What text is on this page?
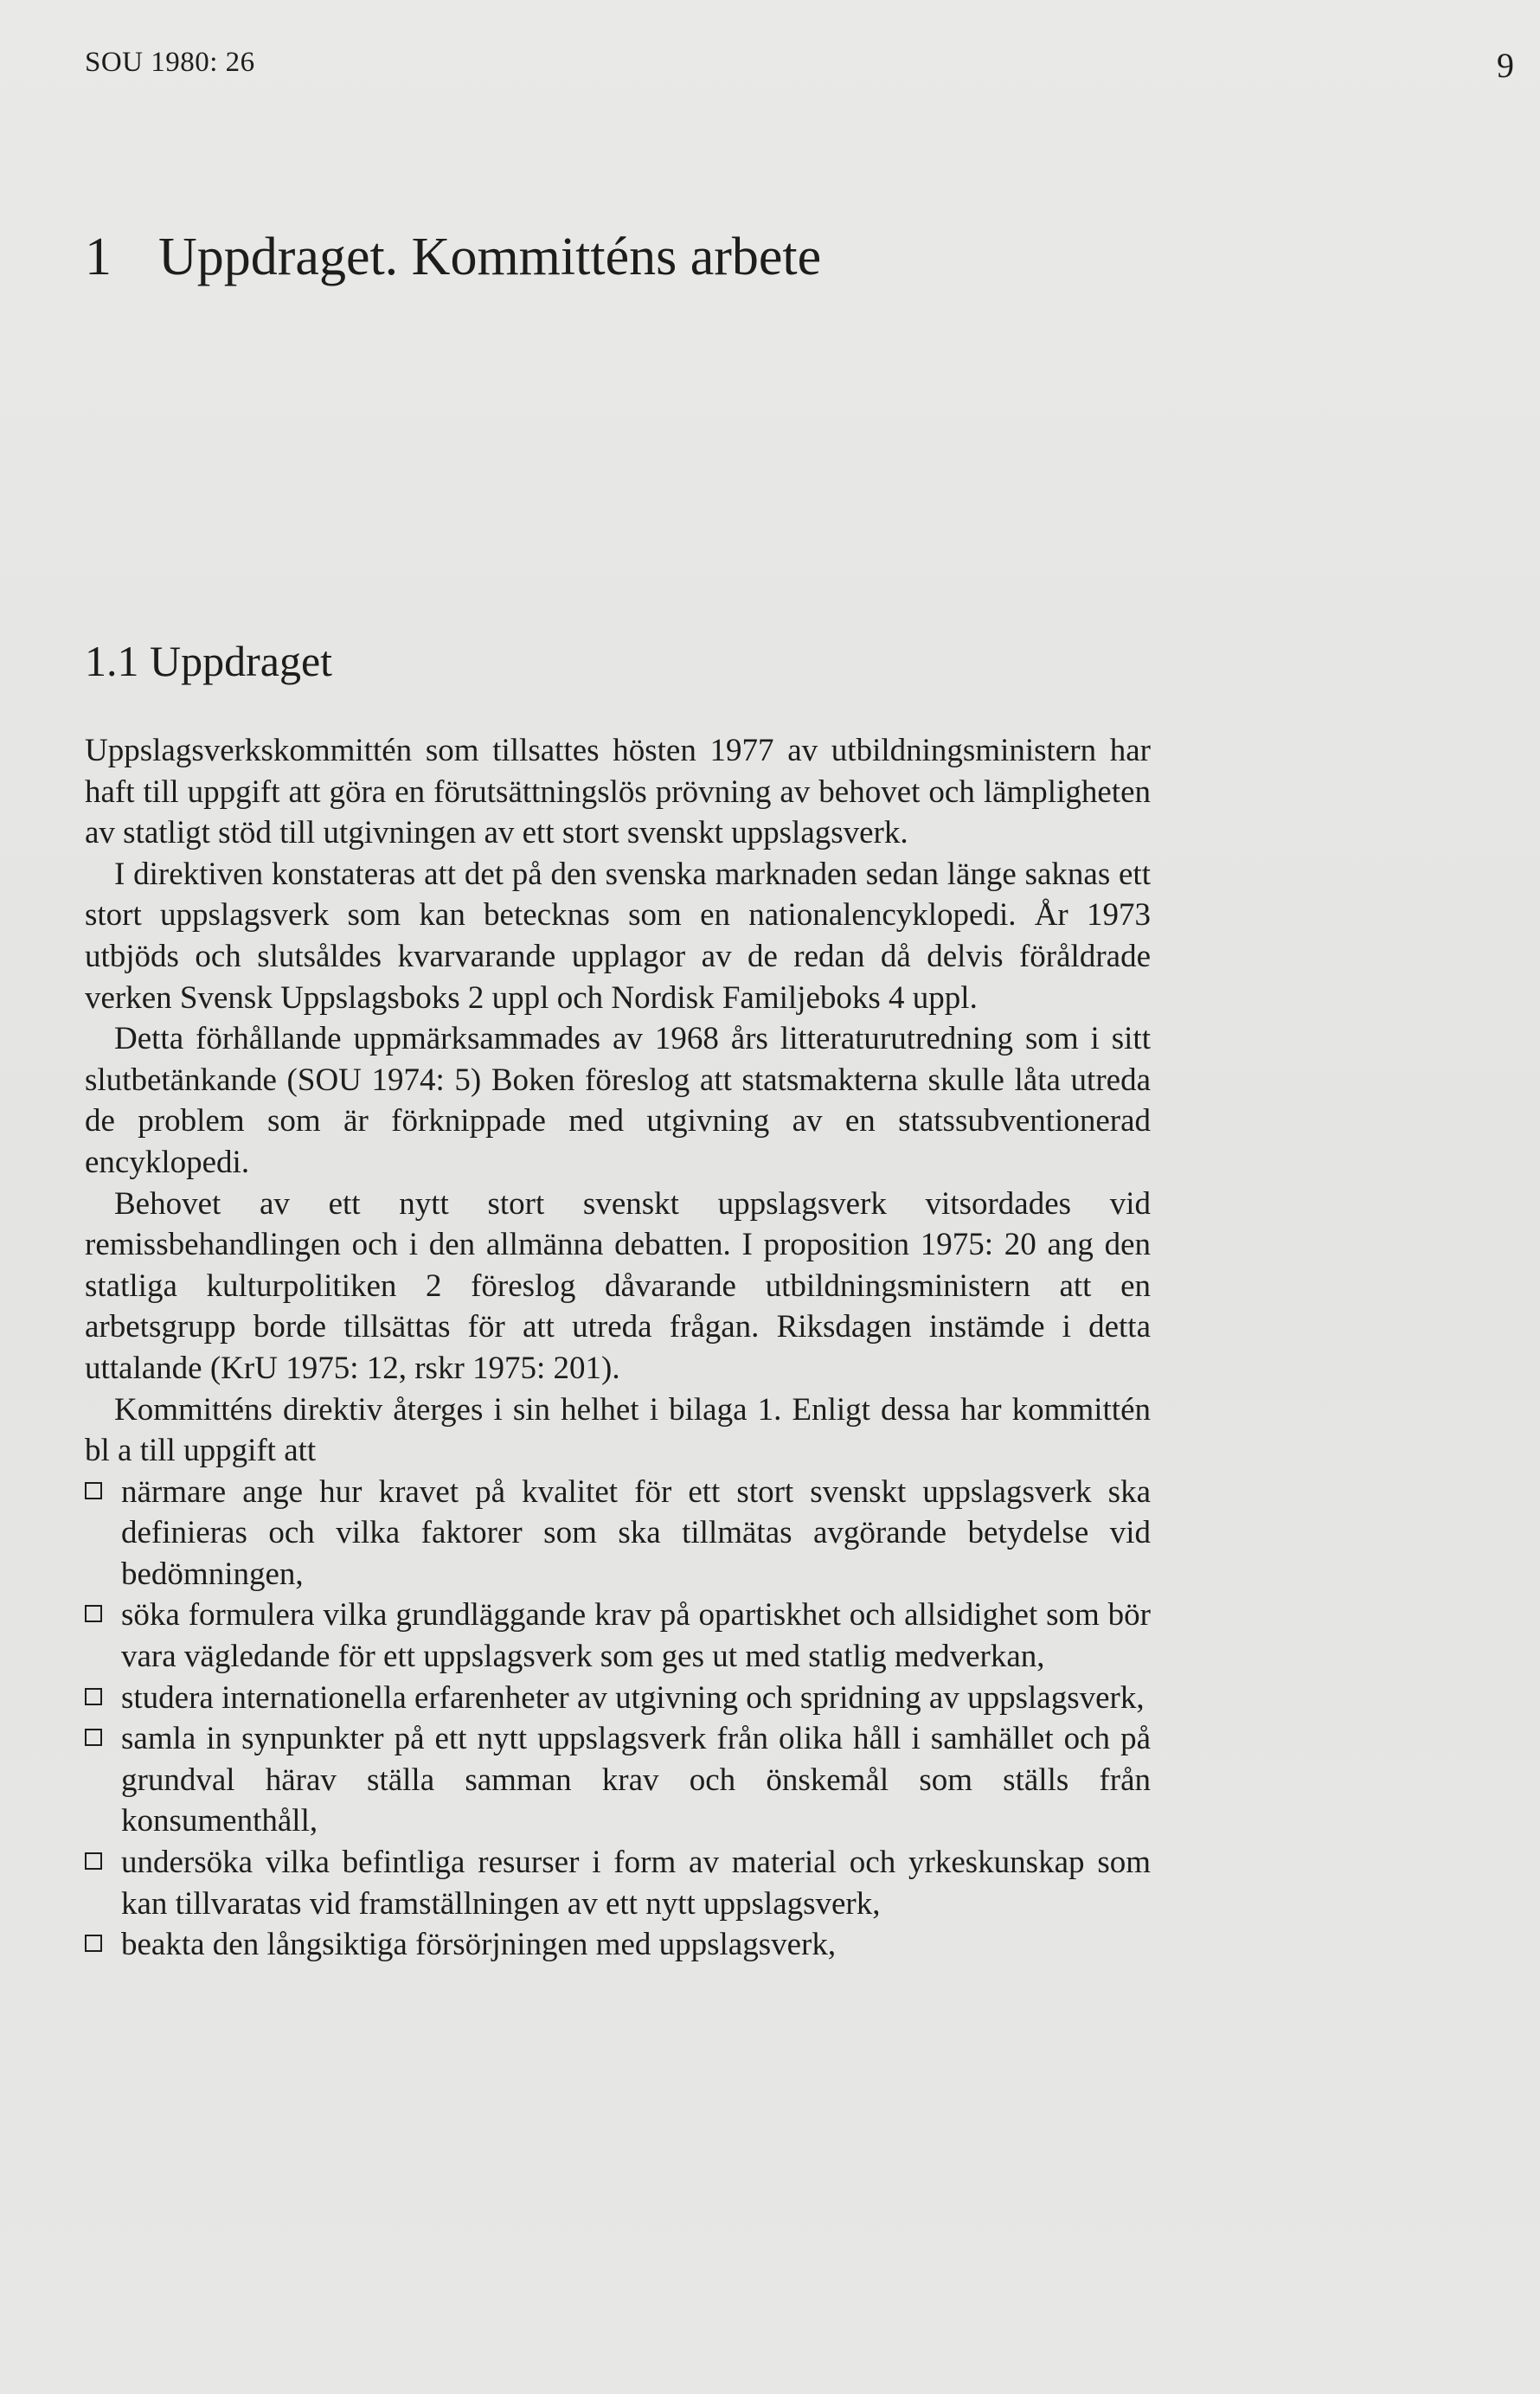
SOU 1980: 26	9
1 Uppdraget. Kommitténs arbete
1.1 Uppdraget

Uppslagsverkskommittén som tillsattes hösten 1977 av utbildningsministern har haft till uppgift att göra en förutsättningslös prövning av behovet och lämpligheten av statligt stöd till utgivningen av ett stort svenskt uppslagsverk.

I direktiven konstateras att det på den svenska marknaden sedan länge saknas ett stort uppslagsverk som kan betecknas som en nationalencyklopedi. År 1973 utbjöds och slutsåldes kvarvarande upplagor av de redan då delvis föråldrade verken Svensk Uppslagsboks 2 uppl och Nordisk Familjeboks 4 uppl.

Detta förhållande uppmärksammades av 1968 års litteraturutredning som i sitt slutbetänkande (SOU 1974: 5) Boken föreslog att statsmakterna skulle låta utreda de problem som är förknippade med utgivning av en statssubventionerad encyklopedi.

Behovet av ett nytt stort svenskt uppslagsverk vitsordades vid remissbehandlingen och i den allmänna debatten. I proposition 1975: 20 ang den statliga kulturpolitiken 2 föreslog dåvarande utbildningsministern att en arbetsgrupp borde tillsättas för att utreda frågan. Riksdagen instämde i detta uttalande (KrU 1975: 12, rskr 1975: 201).

Kommitténs direktiv återges i sin helhet i bilaga 1. Enligt dessa har kommittén bl a till uppgift att

närmare ange hur kravet på kvalitet för ett stort svenskt uppslagsverk ska definieras och vilka faktorer som ska tillmätas avgörande betydelse vid bedömningen,
söka formulera vilka grundläggande krav på opartiskhet och allsidighet som bör vara vägledande för ett uppslagsverk som ges ut med statlig medverkan,
studera internationella erfarenheter av utgivning och spridning av uppslagsverk,
samla in synpunkter på ett nytt uppslagsverk från olika håll i samhället och på grundval härav ställa samman krav och önskemål som ställs från konsumenthåll,
undersöka vilka befintliga resurser i form av material och yrkeskunskap som kan tillvaratas vid framställningen av ett nytt uppslagsverk,
beakta den långsiktiga försörjningen med uppslagsverk,
